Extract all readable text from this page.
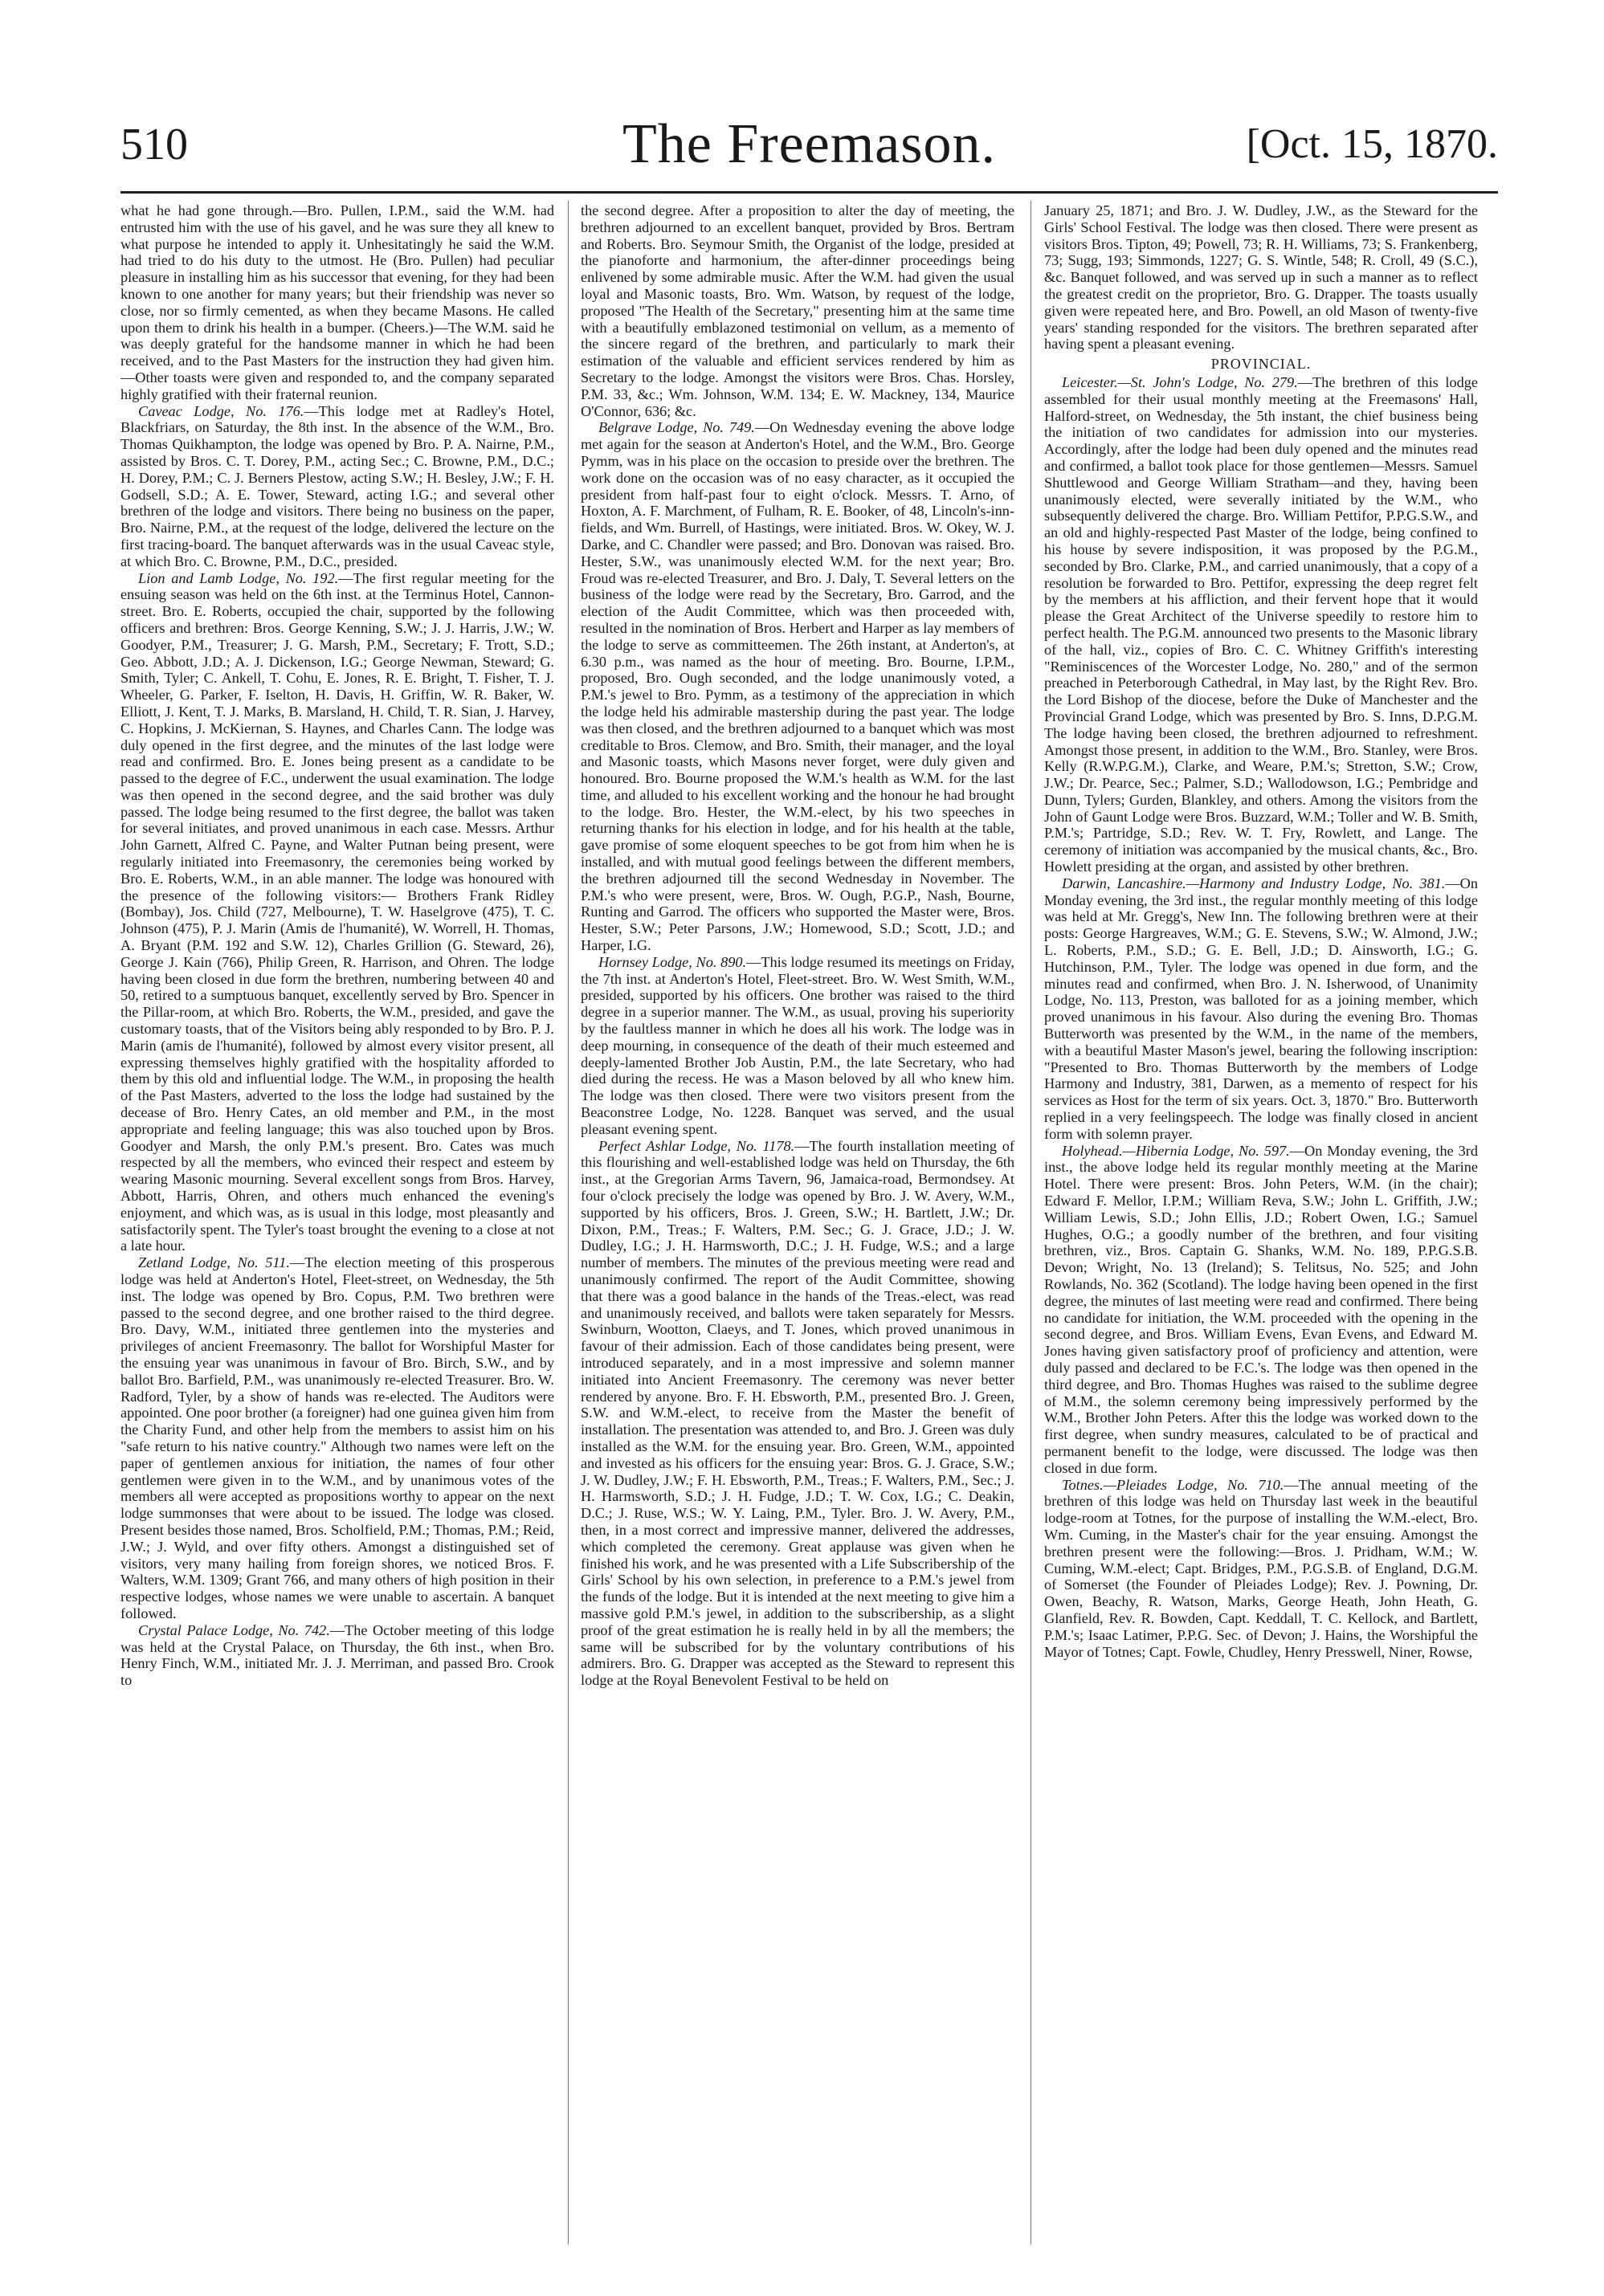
510	The Freemason.	[Oct. 15, 1870.

what he had gone through.—Bro. Pullen, I.P.M., said the W.M. had entrusted him with the use of his gavel, and he was sure they all knew to what purpose he intended to apply it. Unhesitatingly he said the W.M. had tried to do his duty to the utmost. He (Bro. Pullen) had peculiar pleasure in installing him as his successor that evening, for they had been known to one another for many years; but their friendship was never so close, nor so firmly cemented, as when they became Masons. He called upon them to drink his health in a bumper. (Cheers.)—The W.M. said he was deeply grateful for the handsome manner in which he had been received, and to the Past Masters for the instruction they had given him. —Other toasts were given and responded to, and the company separated highly gratified with their fraternal reunion.

Caveac Lodge, No. 176.—This lodge met at Radley's Hotel, Blackfriars, on Saturday, the 8th inst. In the absence of the W.M., Bro. Thomas Quikhampton, the lodge was opened by Bro. P. A. Nairne, P.M., assisted by Bros. C. T. Dorey, P.M., acting Sec.; C. Browne, P.M., D.C.; H. Dorey, P.M.; C. J. Berners Plestow, acting S.W.; H. Besley, J.W.; F. H. Godsell, S.D.; A. E. Tower, Steward, acting I.G.; and several other brethren of the lodge and visitors. There being no business on the paper, Bro. Nairne, P.M., at the request of the lodge, delivered the lecture on the first tracing-board. The banquet afterwards was in the usual Caveac style, at which Bro. C. Browne, P.M., D.C., presided.

Lion and Lamb Lodge, No. 192.—The first regular meeting for the ensuing season was held on the 6th inst. at the Terminus Hotel, Cannon-street. Bro. E. Roberts, occupied the chair, supported by the following officers and brethren: Bros. George Kenning, S.W.; J. J. Harris, J.W.; W. Goodyer, P.M., Treasurer; J. G. Marsh, P.M., Secretary; F. Trott, S.D.; Geo. Abbott, J.D.; A. J. Dickenson, I.G.; George Newman, Steward; G. Smith, Tyler; C. Ankell, T. Cohu, E. Jones, R. E. Bright, T. Fisher, T. J. Wheeler, G. Parker, F. Iselton, H. Davis, H. Griffin, W. R. Baker, W. Elliott, J. Kent, T. J. Marks, B. Marsland, H. Child, T. R. Sian, J. Harvey, C. Hopkins, J. McKiernan, S. Haynes, and Charles Cann. The lodge was duly opened in the first degree, and the minutes of the last lodge were read and confirmed. Bro. E. Jones being present as a candidate to be passed to the degree of F.C., underwent the usual examination. The lodge was then opened in the second degree, and the said brother was duly passed. The lodge being resumed to the first degree, the ballot was taken for several initiates, and proved unanimous in each case. Messrs. Arthur John Garnett, Alfred C. Payne, and Walter Putnan being present, were regularly initiated into Freemasonry, the ceremonies being worked by Bro. E. Roberts, W.M., in an able manner. The lodge was honoured with the presence of the following visitors:— Brothers Frank Ridley (Bombay), Jos. Child (727, Melbourne), T. W. Haselgrove (475), T. C. Johnson (475), P. J. Marin (Amis de l'humanité), W. Worrell, H. Thomas, A. Bryant (P.M. 192 and S.W. 12), Charles Grillion (G. Steward, 26), George J. Kain (766), Philip Green, R. Harrison, and Ohren. The lodge having been closed in due form the brethren, numbering between 40 and 50, retired to a sumptuous banquet, excellently served by Bro. Spencer in the Pillar-room, at which Bro. Roberts, the W.M., presided, and gave the customary toasts, that of the Visitors being ably responded to by Bro. P. J. Marin (amis de l'humanité), followed by almost every visitor present, all expressing themselves highly gratified with the hospitality afforded to them by this old and influential lodge. The W.M., in proposing the health of the Past Masters, adverted to the loss the lodge had sustained by the decease of Bro. Henry Cates, an old member and P.M., in the most appropriate and feeling language; this was also touched upon by Bros. Goodyer and Marsh, the only P.M.'s present. Bro. Cates was much respected by all the members, who evinced their respect and esteem by wearing Masonic mourning. Several excellent songs from Bros. Harvey, Abbott, Harris, Ohren, and others much enhanced the evening's enjoyment, and which was, as is usual in this lodge, most pleasantly and satisfactorily spent. The Tyler's toast brought the evening to a close at not a late hour.

Zetland Lodge, No. 511.—The election meeting of this prosperous lodge was held at Anderton's Hotel, Fleet-street, on Wednesday, the 5th inst. The lodge was opened by Bro. Copus, P.M. Two brethren were passed to the second degree, and one brother raised to the third degree. Bro. Davy, W.M., initiated three gentlemen into the mysteries and privileges of ancient Freemasonry. The ballot for Worshipful Master for the ensuing year was unanimous in favour of Bro. Birch, S.W., and by ballot Bro. Barfield, P.M., was unanimously re-elected Treasurer. Bro. W. Radford, Tyler, by a show of hands was re-elected. The Auditors were appointed. One poor brother (a foreigner) had one guinea given him from the Charity Fund, and other help from the members to assist him on his "safe return to his native country." Although two names were left on the paper of gentlemen anxious for initiation, the names of four other gentlemen were given in to the W.M., and by unanimous votes of the members all were accepted as propositions worthy to appear on the next lodge summonses that were about to be issued. The lodge was closed. Present besides those named, Bros. Scholfield, P.M.; Thomas, P.M.; Reid, J.W.; J. Wyld, and over fifty others. Amongst a distinguished set of visitors, very many hailing from foreign shores, we noticed Bros. F. Walters, W.M. 1309; Grant 766, and many others of high position in their respective lodges, whose names we were unable to ascertain. A banquet followed.

Crystal Palace Lodge, No. 742.—The October meeting of this lodge was held at the Crystal Palace, on Thursday, the 6th inst., when Bro. Henry Finch, W.M., initiated Mr. J. J. Merriman, and passed Bro. Crook to

the second degree. After a proposition to alter the day of meeting, the brethren adjourned to an excellent banquet, provided by Bros. Bertram and Roberts. Bro. Seymour Smith, the Organist of the lodge, presided at the pianoforte and harmonium, the after-dinner proceedings being enlivened by some admirable music. After the W.M. had given the usual loyal and Masonic toasts, Bro. Wm. Watson, by request of the lodge, proposed "The Health of the Secretary," presenting him at the same time with a beautifully emblazoned testimonial on vellum, as a memento of the sincere regard of the brethren, and particularly to mark their estimation of the valuable and efficient services rendered by him as Secretary to the lodge. Amongst the visitors were Bros. Chas. Horsley, P.M. 33, &c.; Wm. Johnson, W.M. 134; E. W. Mackney, 134, Maurice O'Connor, 636; &c.

Belgrave Lodge, No. 749.—On Wednesday evening the above lodge met again for the season at Anderton's Hotel, and the W.M., Bro. George Pymm, was in his place on the occasion to preside over the brethren. The work done on the occasion was of no easy character, as it occupied the president from half-past four to eight o'clock. Messrs. T. Arno, of Hoxton, A. F. Marchment, of Fulham, R. E. Booker, of 48, Lincoln's-inn-fields, and Wm. Burrell, of Hastings, were initiated. Bros. W. Okey, W. J. Darke, and C. Chandler were passed; and Bro. Donovan was raised. Bro. Hester, S.W., was unanimously elected W.M. for the next year; Bro. Froud was re-elected Treasurer, and Bro. J. Daly, T. Several letters on the business of the lodge were read by the Secretary, Bro. Garrod, and the election of the Audit Committee, which was then proceeded with, resulted in the nomination of Bros. Herbert and Harper as lay members of the lodge to serve as committeemen. The 26th instant, at Anderton's, at 6.30 p.m., was named as the hour of meeting. Bro. Bourne, I.P.M., proposed, Bro. Ough seconded, and the lodge unanimously voted, a P.M.'s jewel to Bro. Pymm, as a testimony of the appreciation in which the lodge held his admirable mastership during the past year. The lodge was then closed, and the brethren adjourned to a banquet which was most creditable to Bros. Clemow, and Bro. Smith, their manager, and the loyal and Masonic toasts, which Masons never forget, were duly given and honoured. Bro. Bourne proposed the W.M.'s health as W.M. for the last time, and alluded to his excellent working and the honour he had brought to the lodge. Bro. Hester, the W.M.-elect, by his two speeches in returning thanks for his election in lodge, and for his health at the table, gave promise of some eloquent speeches to be got from him when he is installed, and with mutual good feelings between the different members, the brethren adjourned till the second Wednesday in November. The P.M.'s who were present, were, Bros. W. Ough, P.G.P., Nash, Bourne, Runting and Garrod. The officers who supported the Master were, Bros. Hester, S.W.; Peter Parsons, J.W.; Homewood, S.D.; Scott, J.D.; and Harper, I.G.

Hornsey Lodge, No. 890.—This lodge resumed its meetings on Friday, the 7th inst. at Anderton's Hotel, Fleet-street. Bro. W. West Smith, W.M., presided, supported by his officers. One brother was raised to the third degree in a superior manner. The W.M., as usual, proving his superiority by the faultless manner in which he does all his work. The lodge was in deep mourning, in consequence of the death of their much esteemed and deeply-lamented Brother Job Austin, P.M., the late Secretary, who had died during the recess. He was a Mason beloved by all who knew him. The lodge was then closed. There were two visitors present from the Beaconstree Lodge, No. 1228. Banquet was served, and the usual pleasant evening spent.

Perfect Ashlar Lodge, No. 1178.—The fourth installation meeting of this flourishing and well-established lodge was held on Thursday, the 6th inst., at the Gregorian Arms Tavern, 96, Jamaica-road, Bermondsey. At four o'clock precisely the lodge was opened by Bro. J. W. Avery, W.M., supported by his officers, Bros. J. Green, S.W.; H. Bartlett, J.W.; Dr. Dixon, P.M., Treas.; F. Walters, P.M. Sec.; G. J. Grace, J.D.; J. W. Dudley, I.G.; J. H. Harmsworth, D.C.; J. H. Fudge, W.S.; and a large number of members. The minutes of the previous meeting were read and unanimously confirmed. The report of the Audit Committee, showing that there was a good balance in the hands of the Treas.-elect, was read and unanimously received, and ballots were taken separately for Messrs. Swinburn, Wootton, Claeys, and T. Jones, which proved unanimous in favour of their admission. Each of those candidates being present, were introduced separately, and in a most impressive and solemn manner initiated into Ancient Freemasonry. The ceremony was never better rendered by anyone. Bro. F. H. Ebsworth, P.M., presented Bro. J. Green, S.W. and W.M.-elect, to receive from the Master the benefit of installation. The presentation was attended to, and Bro. J. Green was duly installed as the W.M. for the ensuing year. Bro. Green, W.M., appointed and invested as his officers for the ensuing year: Bros. G. J. Grace, S.W.; J. W. Dudley, J.W.; F. H. Ebsworth, P.M., Treas.; F. Walters, P.M., Sec.; J. H. Harmsworth, S.D.; J. H. Fudge, J.D.; T. W. Cox, I.G.; C. Deakin, D.C.; J. Ruse, W.S.; W. Y. Laing, P.M., Tyler. Bro. J. W. Avery, P.M., then, in a most correct and impressive manner, delivered the addresses, which completed the ceremony. Great applause was given when he finished his work, and he was presented with a Life Subscribership of the Girls' School by his own selection, in preference to a P.M.'s jewel from the funds of the lodge. But it is intended at the next meeting to give him a massive gold P.M.'s jewel, in addition to the subscribership, as a slight proof of the great estimation he is really held in by all the members; the same will be subscribed for by the voluntary contributions of his admirers. Bro. G. Drapper was accepted as the Steward to represent this lodge at the Royal Benevolent Festival to be held on

January 25, 1871; and Bro. J. W. Dudley, J.W., as the Steward for the Girls' School Festival. The lodge was then closed. There were present as visitors Bros. Tipton, 49; Powell, 73; R. H. Williams, 73; S. Frankenberg, 73; Sugg, 193; Simmonds, 1227; G. S. Wintle, 548; R. Croll, 49 (S.C.), &c. Banquet followed, and was served up in such a manner as to reflect the greatest credit on the proprietor, Bro. G. Drapper. The toasts usually given were repeated here, and Bro. Powell, an old Mason of twenty-five years' standing responded for the visitors. The brethren separated after having spent a pleasant evening.

PROVINCIAL.

Leicester.—St. John's Lodge, No. 279.—The brethren of this lodge assembled for their usual monthly meeting at the Freemasons' Hall, Halford-street, on Wednesday, the 5th instant, the chief business being the initiation of two candidates for admission into our mysteries. Accordingly, after the lodge had been duly opened and the minutes read and confirmed, a ballot took place for those gentlemen—Messrs. Samuel Shuttlewood and George William Stratham—and they, having been unanimously elected, were severally initiated by the W.M., who subsequently delivered the charge. Bro. William Pettifor, P.P.G.S.W., and an old and highly-respected Past Master of the lodge, being confined to his house by severe indisposition, it was proposed by the P.G.M., seconded by Bro. Clarke, P.M., and carried unanimously, that a copy of a resolution be forwarded to Bro. Pettifor, expressing the deep regret felt by the members at his affliction, and their fervent hope that it would please the Great Architect of the Universe speedily to restore him to perfect health. The P.G.M. announced two presents to the Masonic library of the hall, viz., copies of Bro. C. C. Whitney Griffith's interesting "Reminiscences of the Worcester Lodge, No. 280," and of the sermon preached in Peterborough Cathedral, in May last, by the Right Rev. Bro. the Lord Bishop of the diocese, before the Duke of Manchester and the Provincial Grand Lodge, which was presented by Bro. S. Inns, D.P.G.M. The lodge having been closed, the brethren adjourned to refreshment. Amongst those present, in addition to the W.M., Bro. Stanley, were Bros. Kelly (R.W.P.G.M.), Clarke, and Weare, P.M.'s; Stretton, S.W.; Crow, J.W.; Dr. Pearce, Sec.; Palmer, S.D.; Wallodowson, I.G.; Pembridge and Dunn, Tylers; Gurden, Blankley, and others. Among the visitors from the John of Gaunt Lodge were Bros. Buzzard, W.M.; Toller and W. B. Smith, P.M.'s; Partridge, S.D.; Rev. W. T. Fry, Rowlett, and Lange. The ceremony of initiation was accompanied by the musical chants, &c., Bro. Howlett presiding at the organ, and assisted by other brethren.

Darwin, Lancashire.—Harmony and Industry Lodge, No. 381.—On Monday evening, the 3rd inst., the regular monthly meeting of this lodge was held at Mr. Gregg's, New Inn. The following brethren were at their posts: George Hargreaves, W.M.; G. E. Stevens, S.W.; W. Almond, J.W.; L. Roberts, P.M., S.D.; G. E. Bell, J.D.; D. Ainsworth, I.G.; G. Hutchinson, P.M., Tyler. The lodge was opened in due form, and the minutes read and confirmed, when Bro. J. N. Isherwood, of Unanimity Lodge, No. 113, Preston, was balloted for as a joining member, which proved unanimous in his favour. Also during the evening Bro. Thomas Butterworth was presented by the W.M., in the name of the members, with a beautiful Master Mason's jewel, bearing the following inscription: "Presented to Bro. Thomas Butterworth by the members of Lodge Harmony and Industry, 381, Darwen, as a memento of respect for his services as Host for the term of six years. Oct. 3, 1870." Bro. Butterworth replied in a very feelingspeech. The lodge was finally closed in ancient form with solemn prayer.

Holyhead.—Hibernia Lodge, No. 597.—On Monday evening, the 3rd inst., the above lodge held its regular monthly meeting at the Marine Hotel. There were present: Bros. John Peters, W.M. (in the chair); Edward F. Mellor, I.P.M.; William Reva, S.W.; John L. Griffith, J.W.; William Lewis, S.D.; John Ellis, J.D.; Robert Owen, I.G.; Samuel Hughes, O.G.; a goodly number of the brethren, and four visiting brethren, viz., Bros. Captain G. Shanks, W.M. No. 189, P.P.G.S.B. Devon; Wright, No. 13 (Ireland); S. Telitsus, No. 525; and John Rowlands, No. 362 (Scotland). The lodge having been opened in the first degree, the minutes of last meeting were read and confirmed. There being no candidate for initiation, the W.M. proceeded with the opening in the second degree, and Bros. William Evens, Evan Evens, and Edward M. Jones having given satisfactory proof of proficiency and attention, were duly passed and declared to be F.C.'s. The lodge was then opened in the third degree, and Bro. Thomas Hughes was raised to the sublime degree of M.M., the solemn ceremony being impressively performed by the W.M., Brother John Peters. After this the lodge was worked down to the first degree, when sundry measures, calculated to be of practical and permanent benefit to the lodge, were discussed. The lodge was then closed in due form.

Totnes.—Pleiades Lodge, No. 710.—The annual meeting of the brethren of this lodge was held on Thursday last week in the beautiful lodge-room at Totnes, for the purpose of installing the W.M.-elect, Bro. Wm. Cuming, in the Master's chair for the year ensuing. Amongst the brethren present were the following:—Bros. J. Pridham, W.M.; W. Cuming, W.M.-elect; Capt. Bridges, P.M., P.G.S.B. of England, D.G.M. of Somerset (the Founder of Pleiades Lodge); Rev. J. Powning, Dr. Owen, Beachy, R. Watson, Marks, George Heath, John Heath, G. Glanfield, Rev. R. Bowden, Capt. Keddall, T. C. Kellock, and Bartlett, P.M.'s; Isaac Latimer, P.P.G. Sec. of Devon; J. Hains, the Worshipful the Mayor of Totnes; Capt. Fowle, Chudley, Henry Presswell, Niner, Rowse,
